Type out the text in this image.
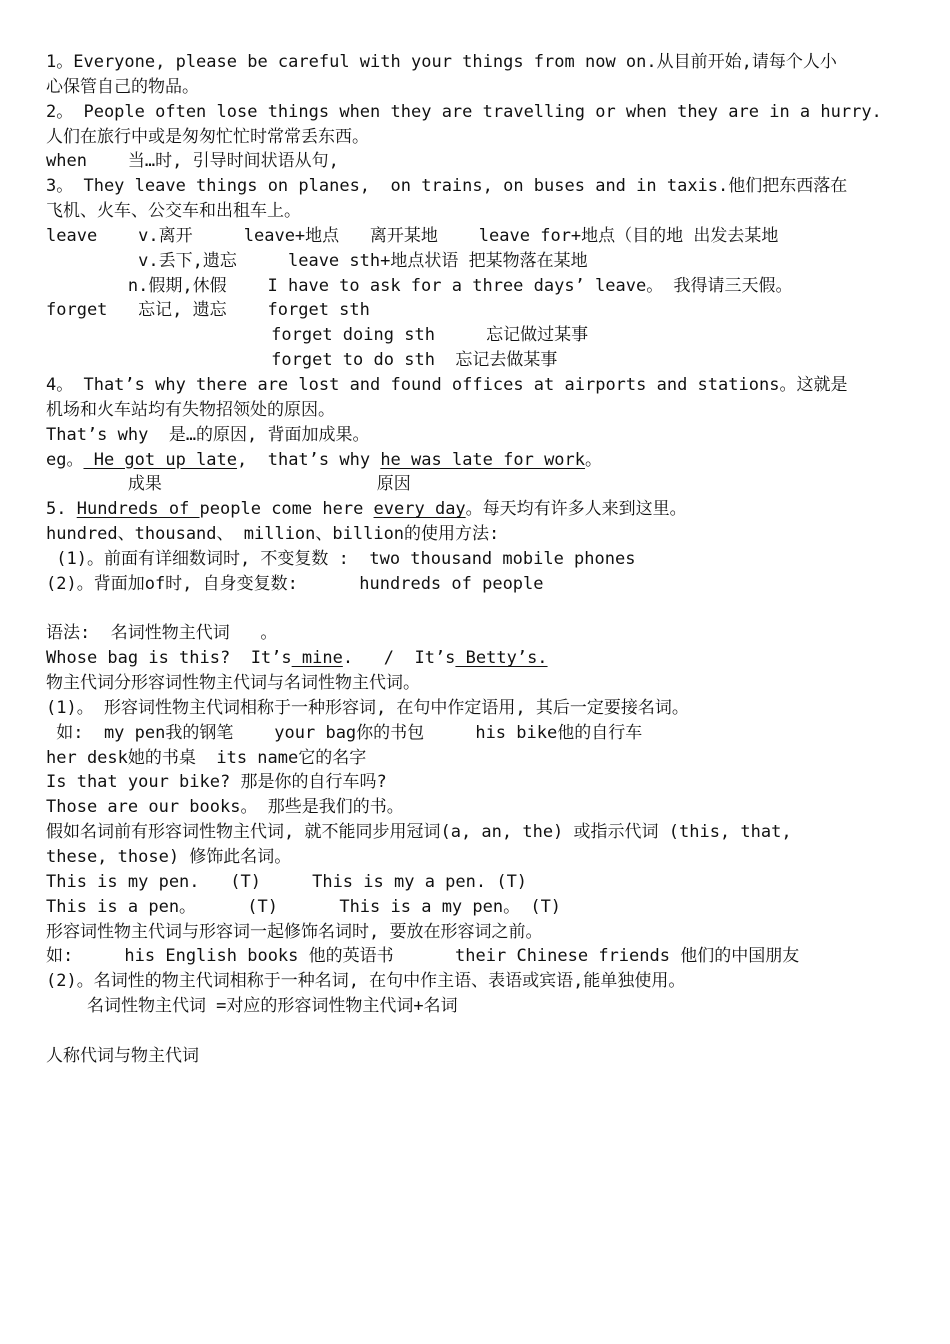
1。Everyone, please be careful with your things from now on.从目前开始,请每个人小
心保管自己的物品。
2。 People often lose things when they are travelling or when they are in a hurry.
人们在旅行中或是匆匆忙忙时常常丢东西。
when    当…时, 引导时间状语从句,
3。 They leave things on planes,  on trains, on buses and in taxis.他们把东西落在
飞机、火车、公交车和出租车上。
leave    v.离开     leave+地点   离开某地    leave for+地点（目的地 出发去某地
v.丢下,遗忘     leave sth+地点状语 把某物落在某地
n.假期,休假    I have to ask for a three days’ leave。 我得请三天假。
forget   忘记, 遗忘    forget sth
forget doing sth     忘记做过某事
forget to do sth  忘记去做某事
4。 That’s why there are lost and found offices at airports and stations。这就是
机场和火车站均有失物招领处的原因。
That’s why  是…的原因, 背面加成果。
eg。 He got up late,  that’s why he was late for work。
成果                     原因
5. Hundreds of people come here every day。每天均有许多人来到这里。
hundred、thousand、 million、billion的使用方法:
(1)。前面有详细数词时, 不变复数 :  two thousand mobile phones
(2)。背面加of时, 自身变复数:      hundreds of people
语法:  名词性物主代词   。
Whose bag is this?  It’s mine.   /  It’s Betty’s.
物主代词分形容词性物主代词与名词性物主代词。
(1)。 形容词性物主代词相称于一种形容词, 在句中作定语用, 其后一定要接名词。
如:  my pen我的钢笔    your bag你的书包     his bike他的自行车
her desk她的书桌  its name它的名字
Is that your bike? 那是你的自行车吗?
Those are our books。 那些是我们的书。
假如名词前有形容词性物主代词, 就不能同步用冠词(a, an, the) 或指示代词 (this, that,
these, those) 修饰此名词。
This is my pen.   (T)     This is my a pen. (T)
This is a pen。     (T)      This is a my pen。 (T)
形容词性物主代词与形容词一起修饰名词时, 要放在形容词之前。
如:     his English books 他的英语书      their Chinese friends 他们的中国朋友
(2)。名词性的物主代词相称于一种名词, 在句中作主语、表语或宾语,能单独使用。
名词性物主代词 =对应的形容词性物主代词+名词
人称代词与物主代词
